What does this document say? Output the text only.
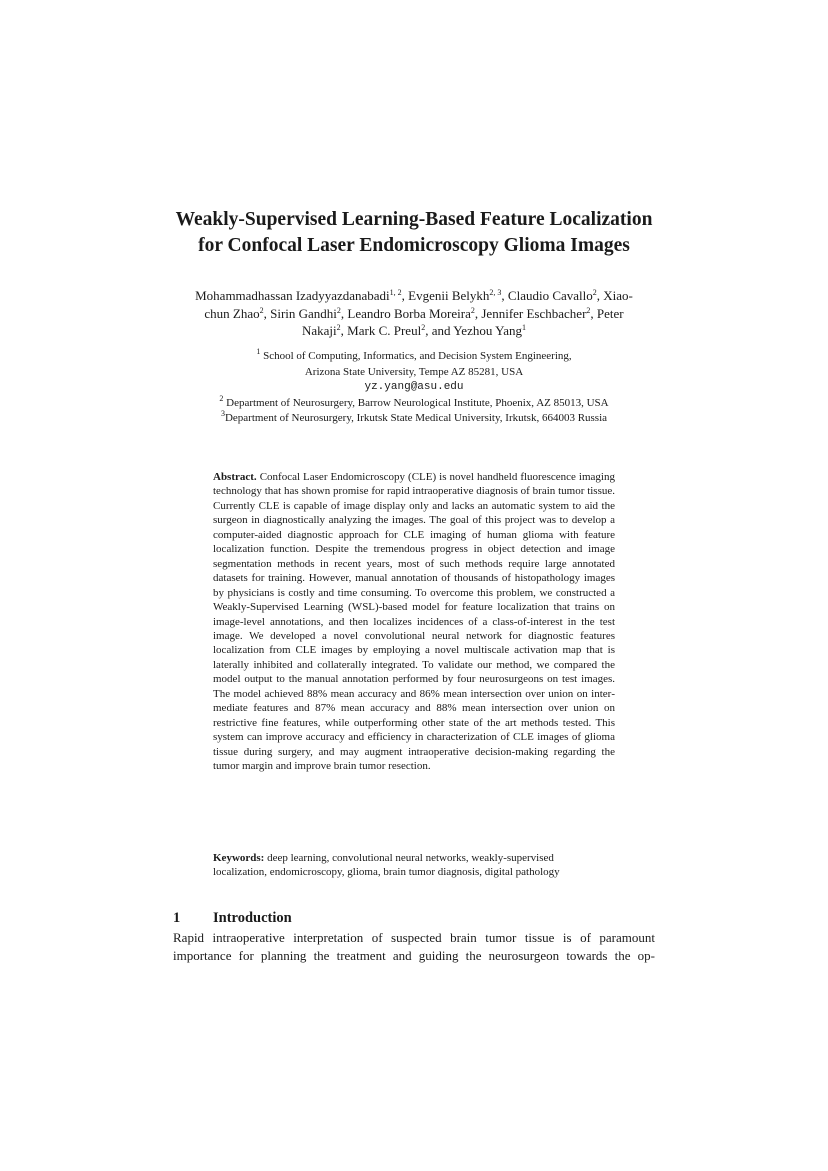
Weakly-Supervised Learning-Based Feature Localization
for Confocal Laser Endomicroscopy Glioma Images
Mohammadhassan Izadyyazdanabadi$^{1, 2}$, Evgenii Belykh$^{2, 3}$, Claudio Cavallo$^2$, Xiao-
chun Zhao$^2$, Sirin Gandhi$^2$, Leandro Borba Moreira$^2$, Jennifer Eschbacher$^2$, Peter
Nakaji$^2$, Mark C. Preul$^2$, and Yezhou Yang$^1$
$^1$ School of Computing, Informatics, and Decision System Engineering,
Arizona State University, Tempe AZ 85281, USA
yz.yang@asu.edu
$^2$ Department of Neurosurgery, Barrow Neurological Institute, Phoenix, AZ 85013, USA
$^3$Department of Neurosurgery, Irkutsk State Medical University, Irkutsk, 664003 Russia
Abstract. Confocal Laser Endomicroscopy (CLE) is novel handheld fluorescence imaging technology that has shown promise for rapid intraoperative diagnosis of brain tumor tissue. Currently CLE is capable of image display only and lacks an automatic system to aid the surgeon in diagnostically analyzing the images. The goal of this project was to develop a computer-aided diagnostic approach for CLE imaging of human glioma with feature localization function. Despite the tremendous progress in object detection and image segmentation methods in recent years, most of such methods require large annotated datasets for training. However, manual annotation of thousands of histopathology images by physicians is costly and time consuming. To overcome this problem, we constructed a Weakly-Supervised Learning (WSL)-based model for feature localization that trains on image-level annotations, and then localizes incidences of a class-of-interest in the test image. We developed a novel convolutional neural network for diagnostic features localization from CLE images by employing a novel multiscale activation map that is laterally inhibited and collaterally integrated. To validate our method, we compared the model output to the manual annotation performed by four neurosurgeons on test images. The model achieved 88% mean accuracy and 86% mean intersection over union on intermediate features and 87% mean accuracy and 88% mean intersection over union on restrictive fine features, while outperforming other state of the art methods tested. This system can improve accuracy and efficiency in characterization of CLE images of glioma tissue during surgery, and may augment intraoperative decision-making regarding the tumor margin and improve brain tumor resection.
Keywords: deep learning, convolutional neural networks, weakly-supervised
localization, endomicroscopy, glioma, brain tumor diagnosis, digital pathology
1 Introduction
Rapid intraoperative interpretation of suspected brain tumor tissue is of paramount
importance for planning the treatment and guiding the neurosurgeon towards the op-
